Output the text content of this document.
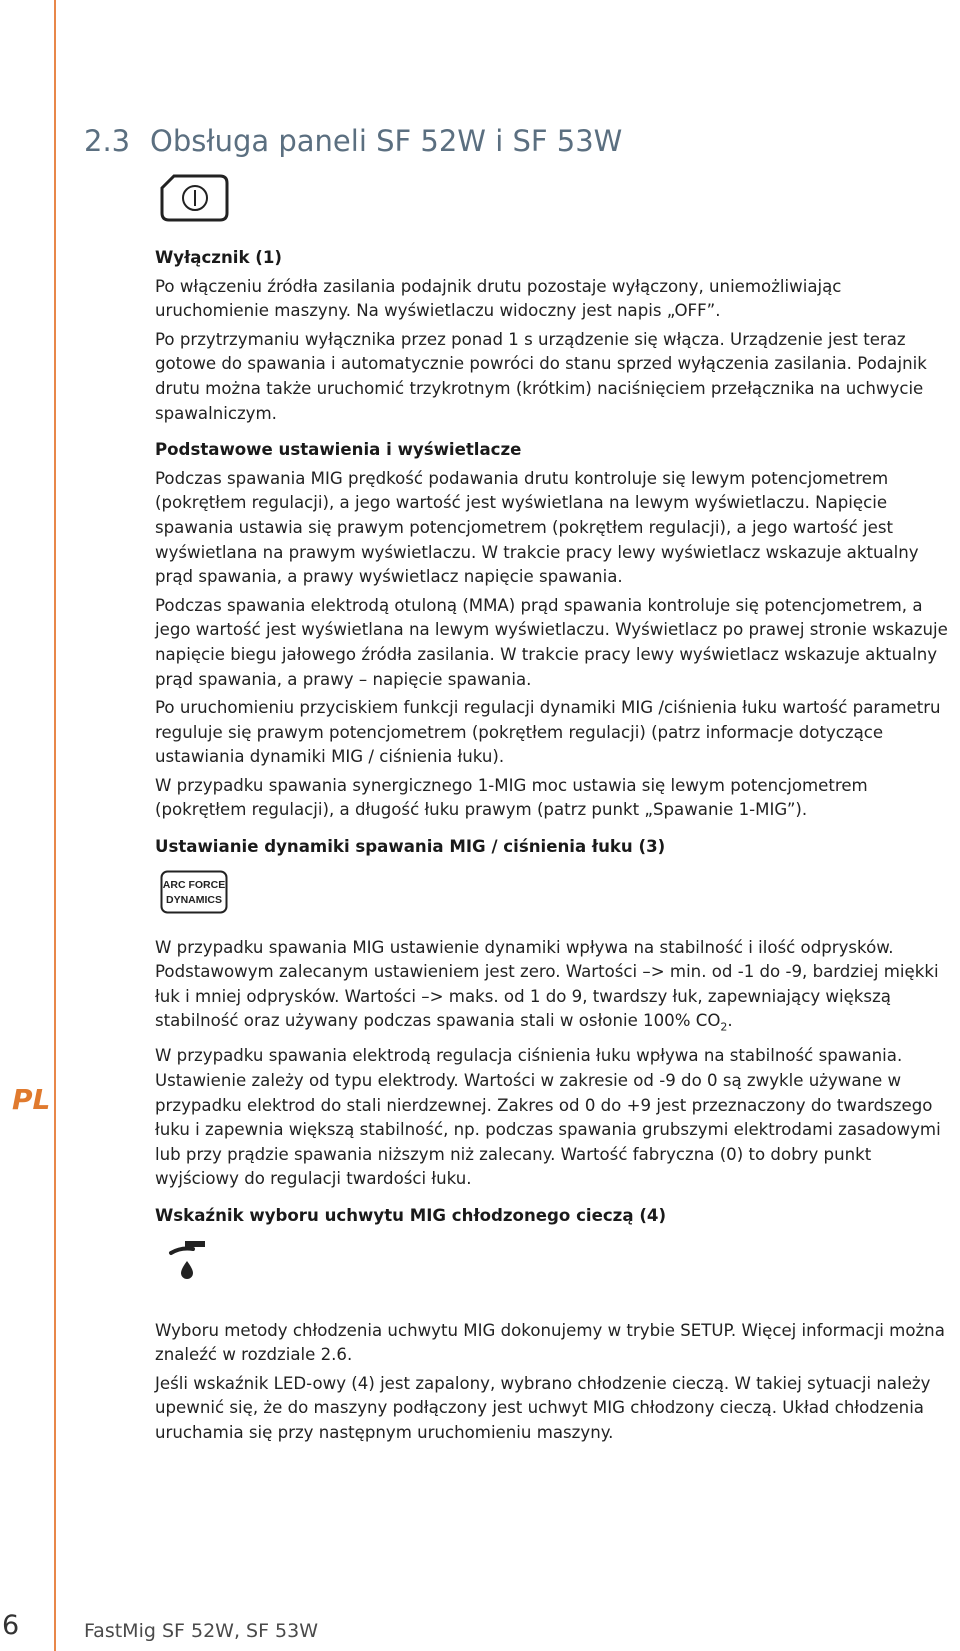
PL
2.3 Obsługa paneli SF 52W i SF 53W
Wyłącznik (1)

Po włączeniu źródła zasilania podajnik drutu pozostaje wyłączony, uniemożliwiając uruchomienie maszyny. Na wyświetlaczu widoczny jest napis „OFF”.

Po przytrzymaniu wyłącznika przez ponad 1 s urządzenie się włącza. Urządzenie jest teraz gotowe do spawania i automatycznie powróci do stanu sprzed wyłączenia zasilania. Podajnik drutu można także uruchomić trzykrotnym (krótkim) naciśnięciem przełącznika na uchwycie spawalniczym.

Podstawowe ustawienia i wyświetlacze

Podczas spawania MIG prędkość podawania drutu kontroluje się lewym potencjometrem (pokrętłem regulacji), a jego wartość jest wyświetlana na lewym wyświetlaczu. Napięcie spawania ustawia się prawym potencjometrem (pokrętłem regulacji), a jego wartość jest wyświetlana na prawym wyświetlaczu. W trakcie pracy lewy wyświetlacz wskazuje aktualny prąd spawania, a prawy wyświetlacz napięcie spawania.

Podczas spawania elektrodą otuloną (MMA) prąd spawania kontroluje się potencjometrem, a jego wartość jest wyświetlana na lewym wyświetlaczu. Wyświetlacz po prawej stronie wskazuje napięcie biegu jałowego źródła zasilania. W trakcie pracy lewy wyświetlacz wskazuje aktualny prąd spawania, a prawy – napięcie spawania.

Po uruchomieniu przyciskiem funkcji regulacji dynamiki MIG /ciśnienia łuku wartość parametru reguluje się prawym potencjometrem (pokrętłem regulacji) (patrz informacje dotyczące ustawiania dynamiki MIG / ciśnienia łuku).

W przypadku spawania synergicznego 1-MIG moc ustawia się lewym potencjometrem (pokrętłem regulacji), a długość łuku prawym (patrz punkt „Spawanie 1-MIG”).

Ustawianie dynamiki spawania MIG / ciśnienia łuku (3)
ARC FORCE
DYNAMICS

W przypadku spawania MIG ustawienie dynamiki wpływa na stabilność i ilość odprysków. Podstawowym zalecanym ustawieniem jest zero. Wartości –> min. od -1 do -9, bardziej miękki łuk i mniej odprysków. Wartości –> maks. od 1 do 9, twardszy łuk, zapewniający większą stabilność oraz używany podczas spawania stali w osłonie 100% $CO_2$.

W przypadku spawania elektrodą regulacja ciśnienia łuku wpływa na stabilność spawania. Ustawienie zależy od typu elektrody. Wartości w zakresie od -9 do 0 są zwykle używane w przypadku elektrod do stali nierdzewnej. Zakres od 0 do +9 jest przeznaczony do twardszego łuku i zapewnia większą stabilność, np. podczas spawania grubszymi elektrodami zasadowymi lub przy prądzie spawania niższym niż zalecany. Wartość fabryczna (0) to dobry punkt wyjściowy do regulacji twardości łuku.

Wskaźnik wyboru uchwytu MIG chłodzonego cieczą (4)

Wyboru metody chłodzenia uchwytu MIG dokonujemy w trybie SETUP. Więcej informacji można znaleźć w rozdziale 2.6.

Jeśli wskaźnik LED-owy (4) jest zapalony, wybrano chłodzenie cieczą. W takiej sytuacji należy upewnić się, że do maszyny podłączony jest uchwyt MIG chłodzony cieczą. Układ chłodzenia uruchamia się przy następnym uruchomieniu maszyny.

6	FastMig SF 52W, SF 53W
